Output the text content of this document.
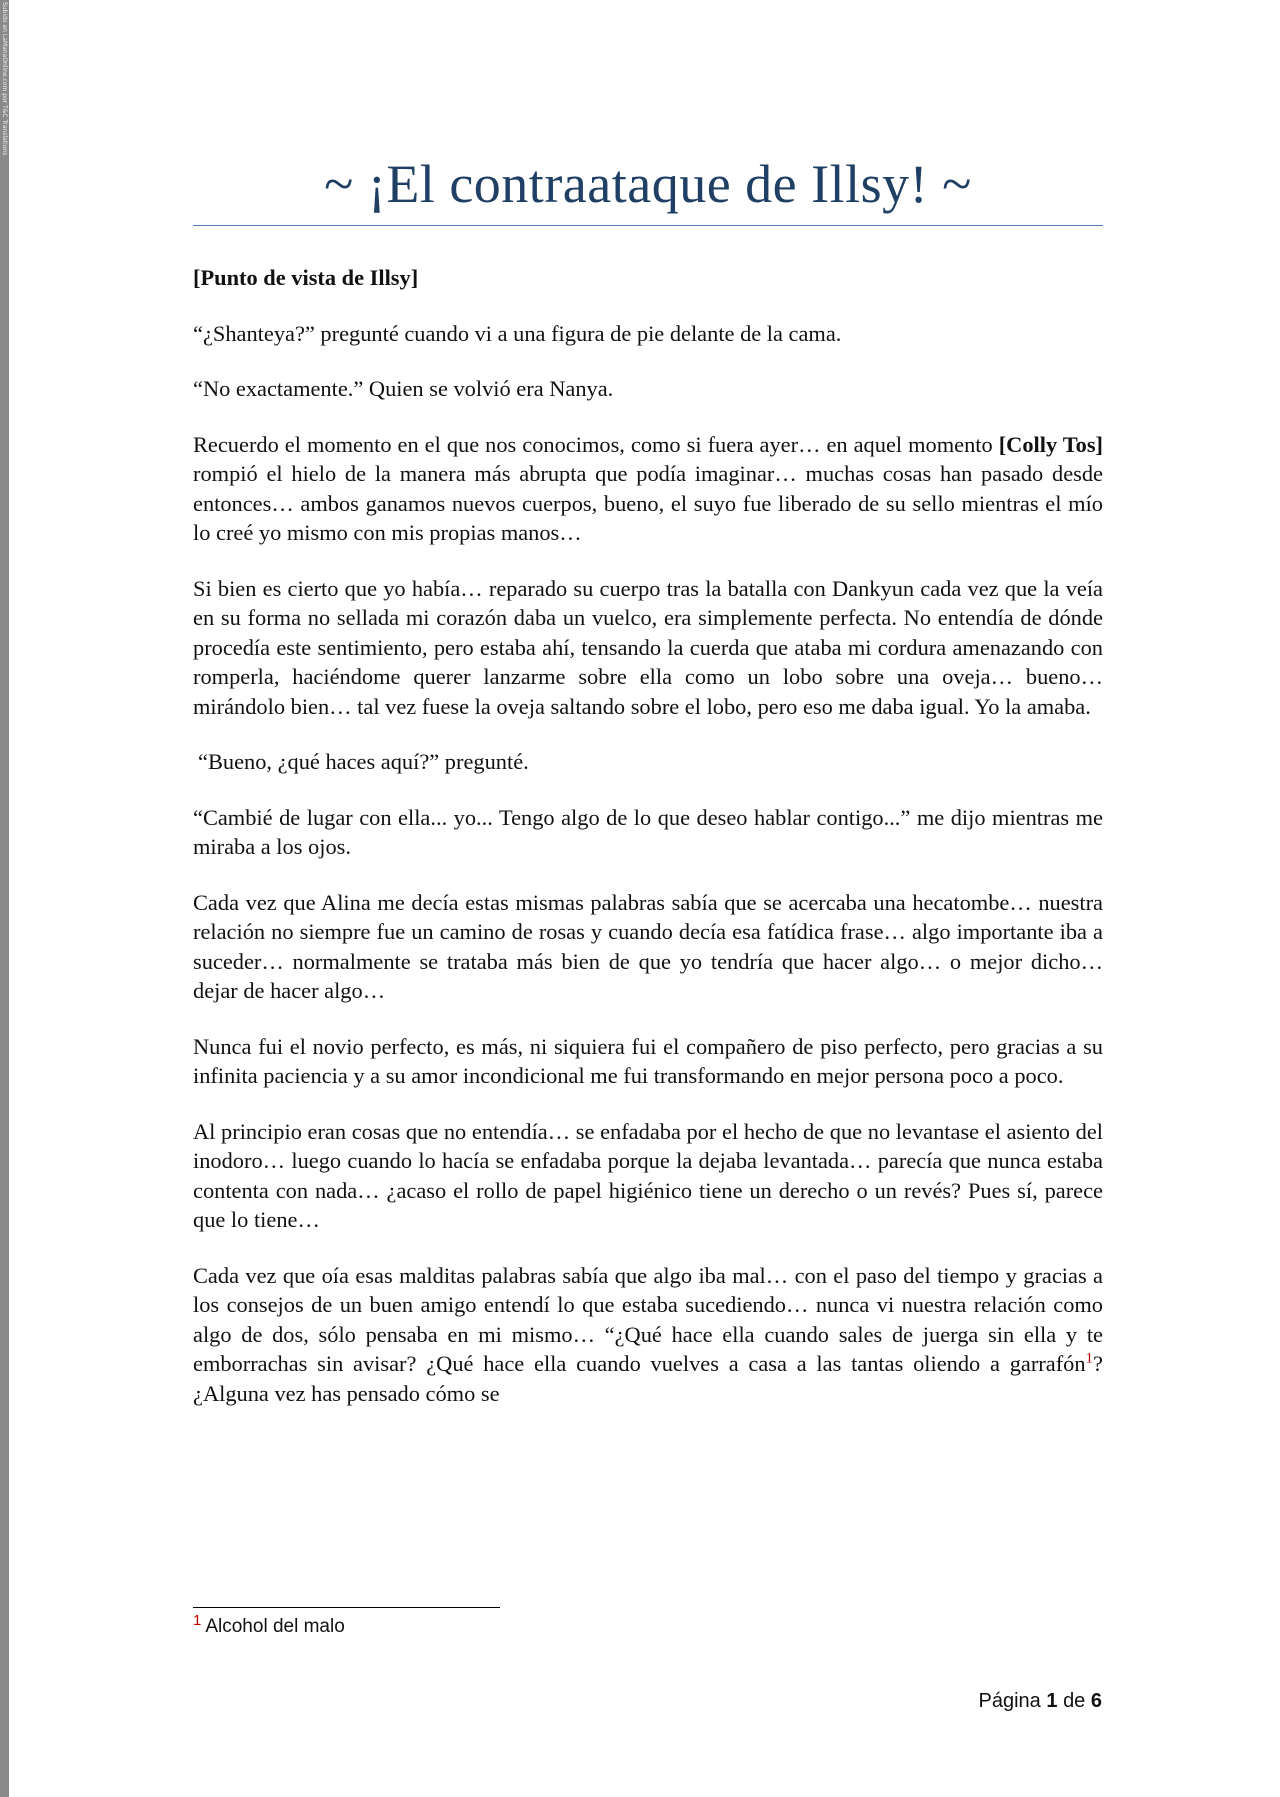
Subido en LaManaOnline.com por T&C Translations
~ ¡El contraataque de Illsy! ~

[Punto de vista de Illsy]

“¿Shanteya?” pregunté cuando vi a una figura de pie delante de la cama.

“No exactamente.” Quien se volvió era Nanya.

Recuerdo el momento en el que nos conocimos, como si fuera ayer… en aquel momento [Colly Tos] rompió el hielo de la manera más abrupta que podía imaginar… muchas cosas han pasado desde entonces… ambos ganamos nuevos cuerpos, bueno, el suyo fue liberado de su sello mientras el mío lo creé yo mismo con mis propias manos…

Si bien es cierto que yo había… reparado su cuerpo tras la batalla con Dankyun cada vez que la veía en su forma no sellada mi corazón daba un vuelco, era simplemente perfecta. No entendía de dónde procedía este sentimiento, pero estaba ahí, tensando la cuerda que ataba mi cordura amenazando con romperla, haciéndome querer lanzarme sobre ella como un lobo sobre una oveja… bueno… mirándolo bien… tal vez fuese la oveja saltando sobre el lobo, pero eso me daba igual. Yo la amaba.

“Bueno, ¿qué haces aquí?” pregunté.

“Cambié de lugar con ella... yo... Tengo algo de lo que deseo hablar contigo...” me dijo mientras me miraba a los ojos.

Cada vez que Alina me decía estas mismas palabras sabía que se acercaba una hecatombe… nuestra relación no siempre fue un camino de rosas y cuando decía esa fatídica frase… algo importante iba a suceder… normalmente se trataba más bien de que yo tendría que hacer algo… o mejor dicho… dejar de hacer algo…

Nunca fui el novio perfecto, es más, ni siquiera fui el compañero de piso perfecto, pero gracias a su infinita paciencia y a su amor incondicional me fui transformando en mejor persona poco a poco.

Al principio eran cosas que no entendía… se enfadaba por el hecho de que no levantase el asiento del inodoro… luego cuando lo hacía se enfadaba porque la dejaba levantada… parecía que nunca estaba contenta con nada… ¿acaso el rollo de papel higiénico tiene un derecho o un revés? Pues sí, parece que lo tiene…

Cada vez que oía esas malditas palabras sabía que algo iba mal… con el paso del tiempo y gracias a los consejos de un buen amigo entendí lo que estaba sucediendo… nunca vi nuestra relación como algo de dos, sólo pensaba en mi mismo… “¿Qué hace ella cuando sales de juerga sin ella y te emborrachas sin avisar? ¿Qué hace ella cuando vuelves a casa a las tantas oliendo a garrafón$^1$? ¿Alguna vez has pensado cómo se

$^1$ Alcohol del malo
Página 1 de 6
